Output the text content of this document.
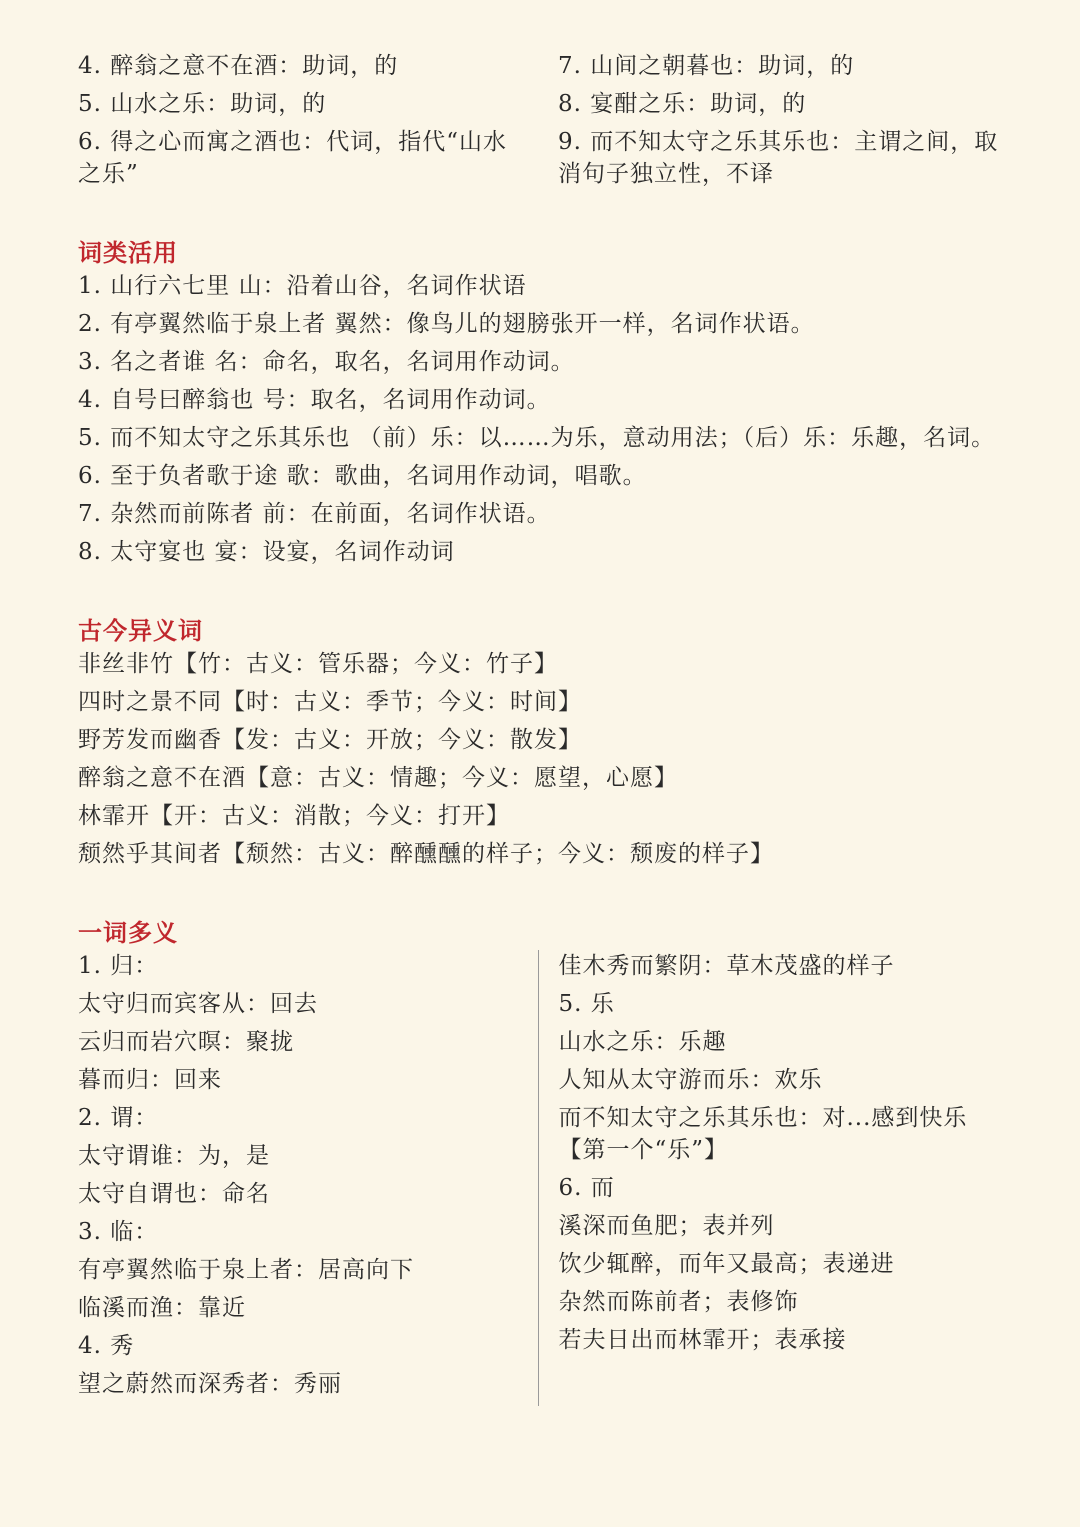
4. 醉翁之意不在酒：助词，的
5. 山水之乐：助词，的
6. 得之心而寓之酒也：代词，指代“山水之乐”
7. 山间之朝暮也：助词，的
8. 宴酣之乐：助词，的
9. 而不知太守之乐其乐也：主谓之间，取消句子独立性，不译
词类活用
1. 山行六七里 山：沿着山谷，名词作状语
2. 有亭翼然临于泉上者 翼然：像鸟儿的翅膀张开一样，名词作状语。
3. 名之者谁 名：命名，取名，名词用作动词。
4. 自号曰醉翁也 号：取名，名词用作动词。
5. 而不知太守之乐其乐也 （前）乐：以……为乐，意动用法；（后）乐：乐趣，名词。
6. 至于负者歌于途 歌：歌曲，名词用作动词，唱歌。
7. 杂然而前陈者 前：在前面，名词作状语。
8. 太守宴也 宴：设宴，名词作动词
古今异义词
非丝非竹【竹：古义：管乐器；今义：竹子】
四时之景不同【时：古义：季节；今义：时间】
野芳发而幽香【发：古义：开放；今义：散发】
醉翁之意不在酒【意：古义：情趣；今义：愿望，心愿】
林霏开【开：古义：消散；今义：打开】
颓然乎其间者【颓然：古义：醉醺醺的样子；今义：颓废的样子】
一词多义
1. 归：
太守归而宾客从：回去
云归而岩穴暝：聚拢
暮而归：回来
2. 谓：
太守谓谁：为，是
太守自谓也：命名
3. 临：
有亭翼然临于泉上者：居高向下
临溪而渔：靠近
4. 秀
望之蔚然而深秀者：秀丽
佳木秀而繁阴：草木茂盛的样子
5. 乐
山水之乐：乐趣
人知从太守游而乐：欢乐
而不知太守之乐其乐也：对...感到快乐【第一个“乐”】
6. 而
溪深而鱼肥；表并列
饮少辄醉，而年又最高；表递进
杂然而陈前者；表修饰
若夫日出而林霏开；表承接
